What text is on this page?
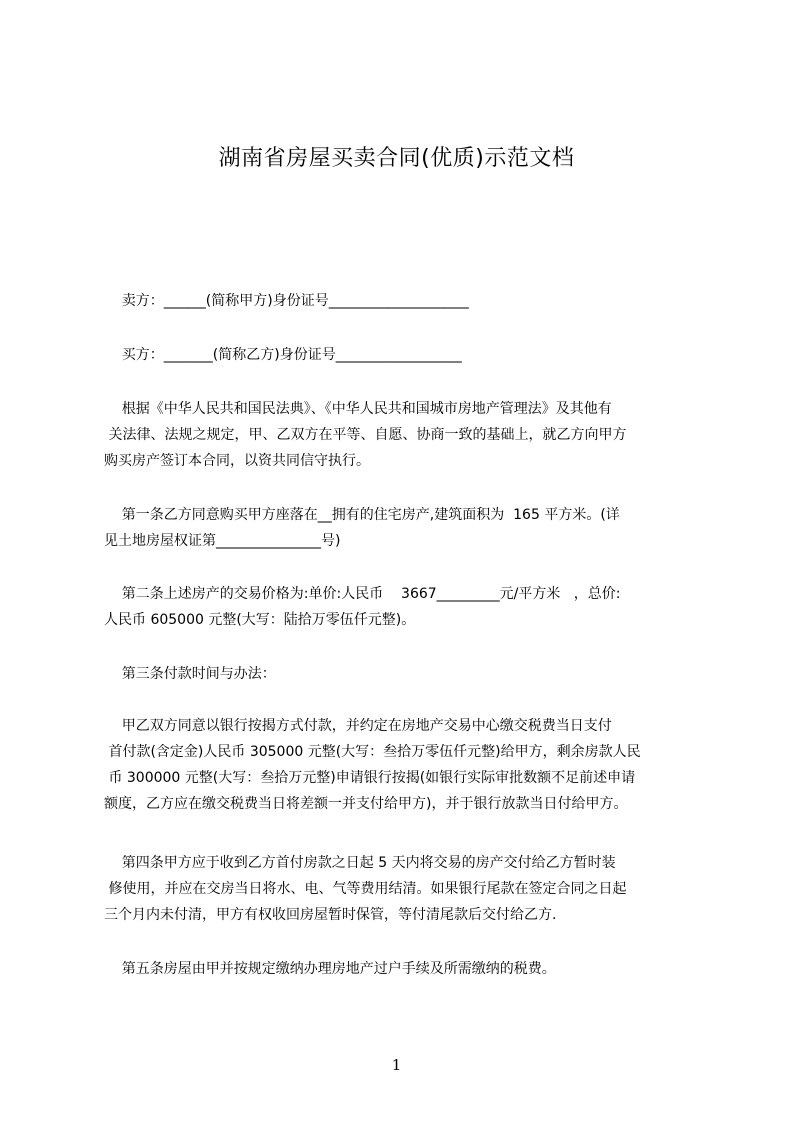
湖南省房屋买卖合同(优质)示范文档
卖方：______(简称甲方)身份证号____________________
买方：_______(简称乙方)身份证号__________________
根据《中华人民共和国民法典》、《中华人民共和国城市房地产管理法》及其他有
关法律、法规之规定，甲、乙双方在平等、自愿、协商一致的基础上，就乙方向甲方
购买房产签订本合同，以资共同信守执行。
第一条乙方同意购买甲方座落在__拥有的住宅房产,建筑面积为  165 平方米。(详
见土地房屋权证第_______________号)
第二条上述房产的交易价格为:单价:人民币    3667_________元/平方米   ，总价:
人民币 605000 元整(大写：陆拾万零伍仟元整)。
第三条付款时间与办法：
甲乙双方同意以银行按揭方式付款，并约定在房地产交易中心缴交税费当日支付
首付款(含定金)人民币 305000 元整(大写：叁拾万零伍仟元整)给甲方，剩余房款人民
币 300000 元整(大写：叁拾万元整)申请银行按揭(如银行实际审批数额不足前述申请
额度，乙方应在缴交税费当日将差额一并支付给甲方)，并于银行放款当日付给甲方。
第四条甲方应于收到乙方首付房款之日起 5 天内将交易的房产交付给乙方暂时装
修使用，并应在交房当日将水、电、气等费用结清。如果银行尾款在签定合同之日起
三个月内未付清，甲方有权收回房屋暂时保管，等付清尾款后交付给乙方.
第五条房屋由甲并按规定缴纳办理房地产过户手续及所需缴纳的税费。
1
